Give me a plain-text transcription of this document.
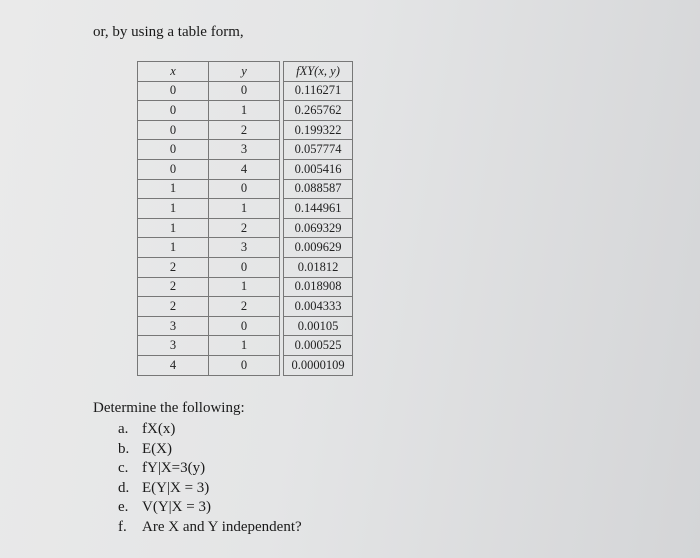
or, by using a table form,
x	y		fXY(x, y)
0	0		0.116271
0	1		0.265762
0	2		0.199322
0	3		0.057774
0	4		0.005416
1	0		0.088587
1	1		0.144961
1	2		0.069329
1	3		0.009629
2	0		0.01812
2	1		0.018908
2	2		0.004333
3	0		0.00105
3	1		0.000525
4	0		0.0000109
Determine the following:
a. fX(x)
b. E(X)
c. fY|X=3(y)
d. E(Y|X = 3)
e. V(Y|X = 3)
f. Are X and Y independent?
